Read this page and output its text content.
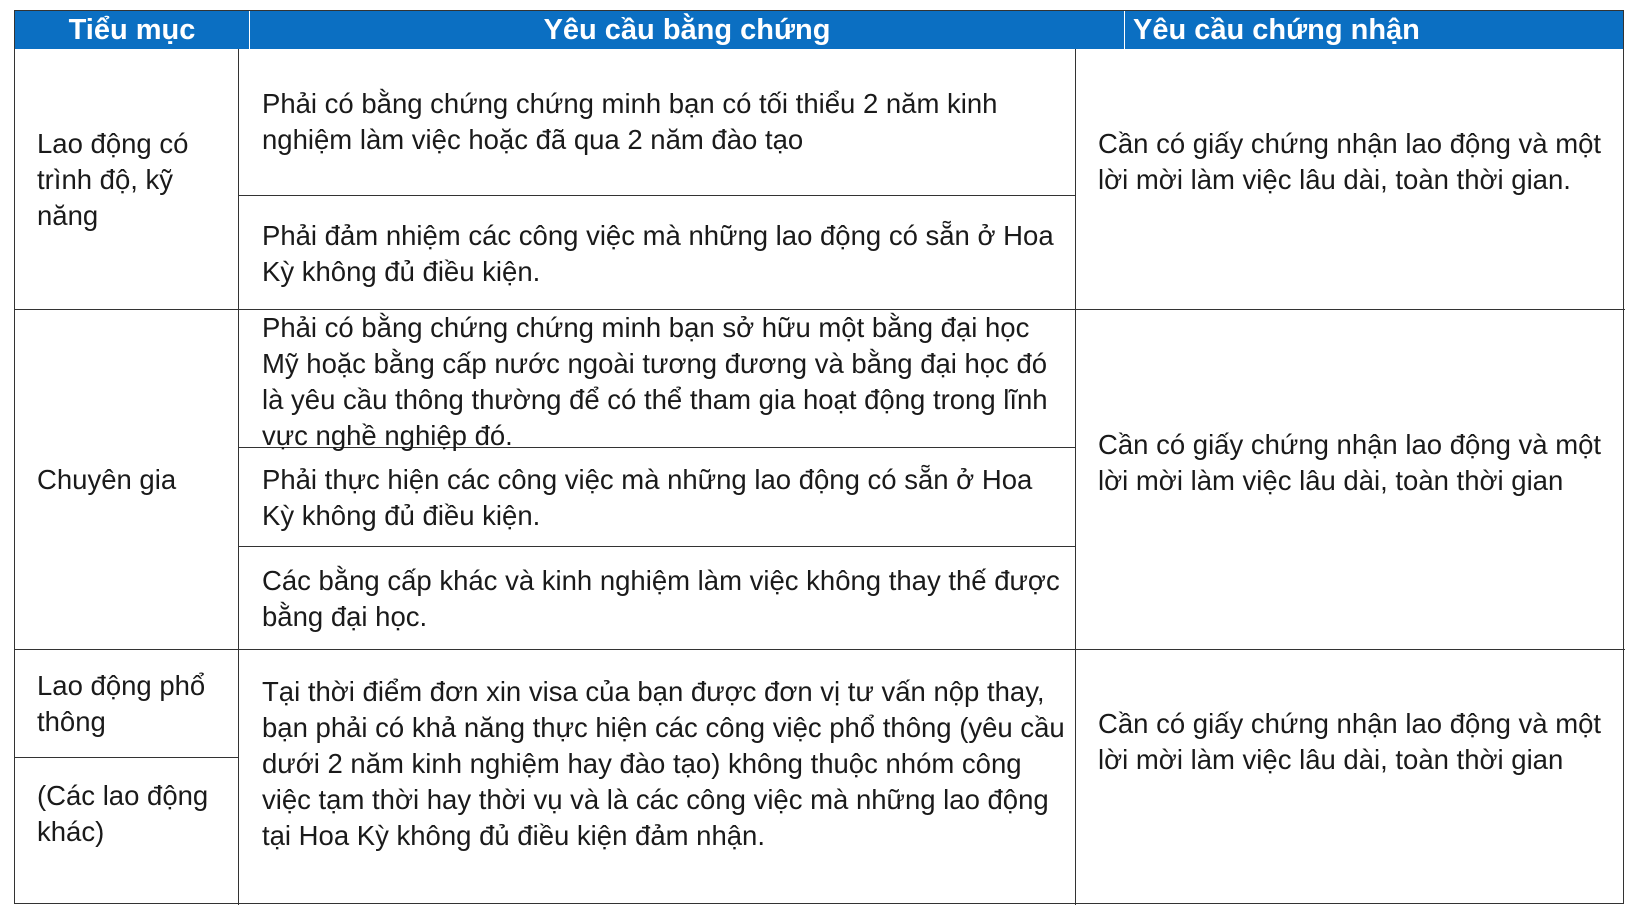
Tiểu mục	Yêu cầu bằng chứng	Yêu cầu chứng nhận
Lao động có trình độ, kỹ năng
Phải có bằng chứng chứng minh bạn có tối thiểu 2 năm kinh nghiệm làm việc hoặc đã qua 2 năm đào tạo
Phải đảm nhiệm các công việc mà những lao động có sẵn ở Hoa Kỳ không đủ điều kiện.
Cần có giấy chứng nhận lao động và một lời mời làm việc lâu dài, toàn thời gian.
Chuyên gia
Phải có bằng chứng chứng minh bạn sở hữu một bằng đại học Mỹ hoặc bằng cấp nước ngoài tương đương và bằng đại học đó là yêu cầu thông thường để có thể tham gia hoạt động trong lĩnh vực nghề nghiệp đó.
Phải thực hiện các công việc mà những lao động có sẵn ở Hoa Kỳ không đủ điều kiện.
Các bằng cấp khác và kinh nghiệm làm việc không thay thế được bằng đại học.
Cần có giấy chứng nhận lao động và một lời mời làm việc lâu dài, toàn thời gian
Lao động phổ thông
(Các lao động khác)
Tại thời điểm đơn xin visa của bạn được đơn vị tư vấn nộp thay, bạn phải có khả năng thực hiện các công việc phổ thông (yêu cầu dưới 2 năm kinh nghiệm hay đào tạo) không thuộc nhóm công việc tạm thời hay thời vụ và là các công việc mà những lao động tại Hoa Kỳ không đủ điều kiện đảm nhận.
Cần có giấy chứng nhận lao động và một lời mời làm việc lâu dài, toàn thời gian
